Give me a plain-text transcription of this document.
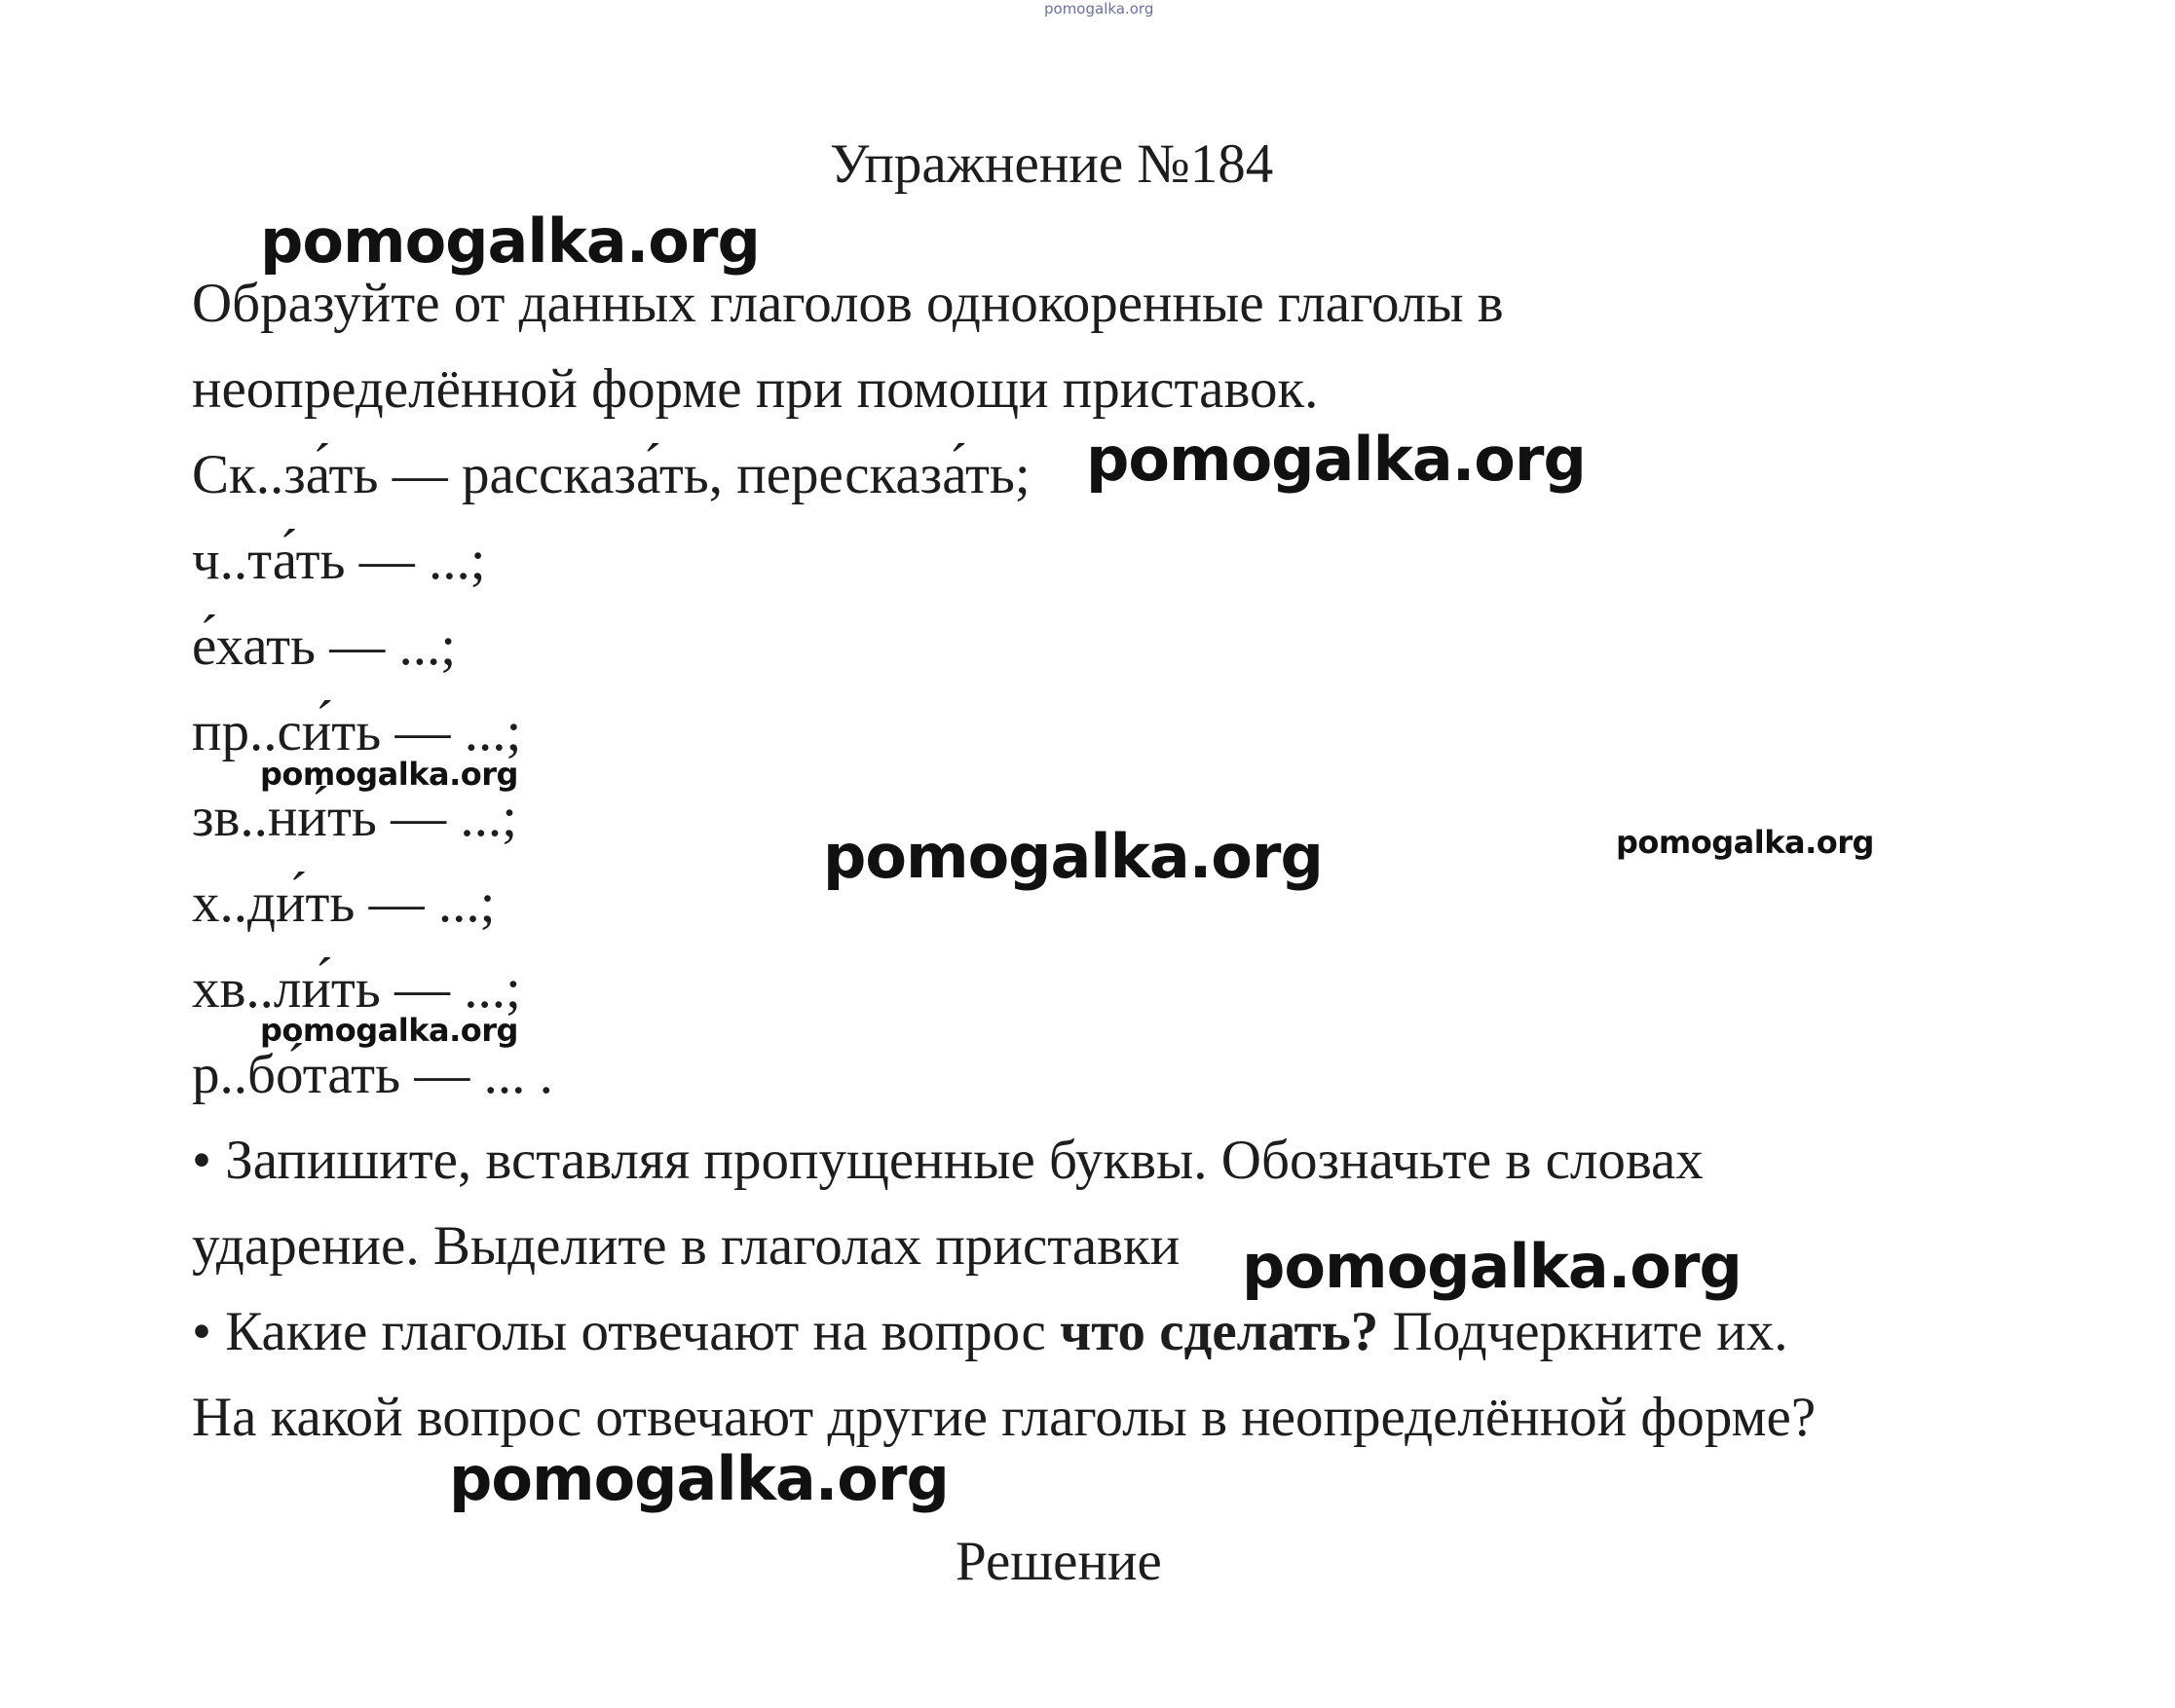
pomogalka.org
Упражнение №184
pomogalka.org
Образуйте от данных глаголов однокоренные глаголы в
неопределённой форме при помощи приставок.
Ск..за́ть — рассказа́ть, пересказа́ть; pomogalka.org
ч..та́ть — ...;
е́хать — ...;
пр..си́ть — ...;
pomogalka.org
зв..ни́ть — ...;
pomogalka.org	pomogalka.org
х..ди́ть — ...;
хв..ли́ть — ...;
pomogalka.org
р..бо́тать — ... .
• Запишите, вставляя пропущенные буквы. Обозначьте в словах
ударение. Выделите в глаголах приставки pomogalka.org
• Какие глаголы отвечают на вопрос что сделать? Подчеркните их.
На какой вопрос отвечают другие глаголы в неопределённой форме?
pomogalka.org
Решение
